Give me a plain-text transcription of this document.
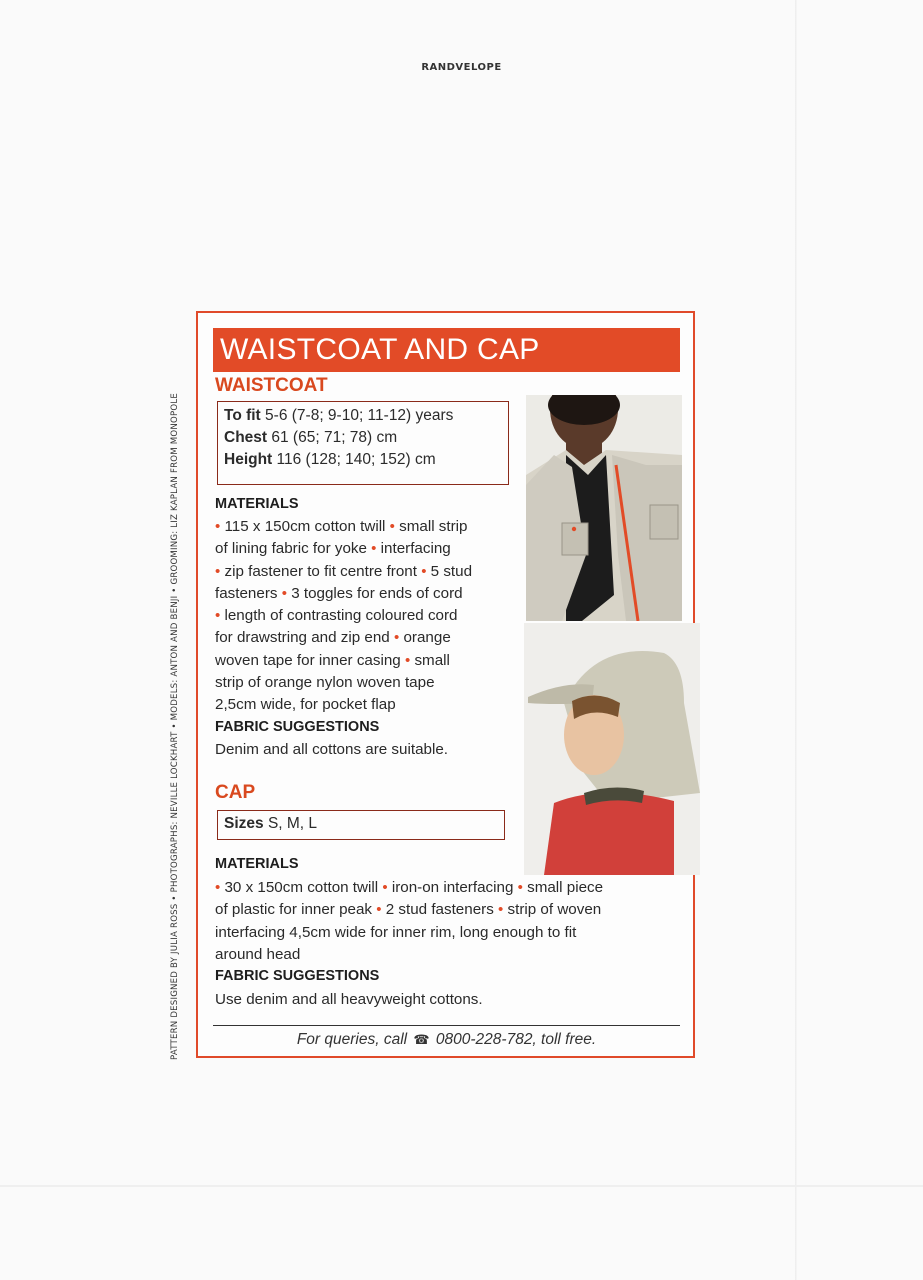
RANDVELOPE
PATTERN DESIGNED BY JULIA ROSS • PHOTOGRAPHS: NEVILLE LOCKHART • MODELS: ANTON AND BENJI • GROOMING: LIZ KAPLAN FROM MONOPOLE
WAISTCOAT AND CAP
WAISTCOAT
To fit 5-6 (7-8; 9-10; 11-12) years
Chest 61 (65; 71; 78) cm
Height 116 (128; 140; 152) cm
MATERIALS
• 115 x 150cm cotton twill • small strip
of lining fabric for yoke • interfacing
• zip fastener to fit centre front • 5 stud
fasteners • 3 toggles for ends of cord
• length of contrasting coloured cord
for drawstring and zip end • orange
woven tape for inner casing • small
strip of orange nylon woven tape
2,5cm wide, for pocket flap
FABRIC SUGGESTIONS
Denim and all cottons are suitable.
CAP
Sizes S, M, L
MATERIALS
• 30 x 150cm cotton twill • iron-on interfacing • small piece
of plastic for inner peak • 2 stud fasteners • strip of woven
interfacing 4,5cm wide for inner rim, long enough to fit
around head
FABRIC SUGGESTIONS
Use denim and all heavyweight cottons.
For queries, call ☎ 0800-228-782, toll free.
